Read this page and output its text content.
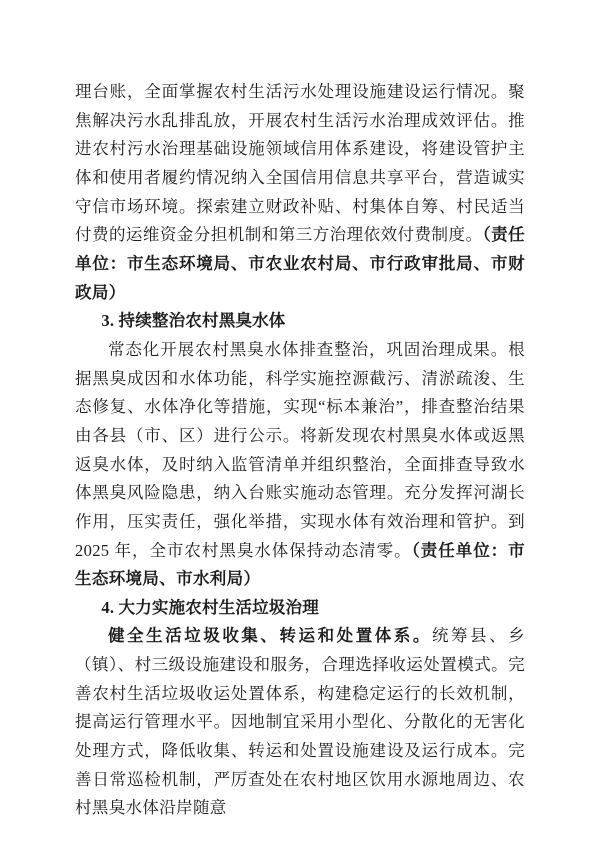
理台账，全面掌握农村生活污水处理设施建设运行情况。聚焦解决污水乱排乱放，开展农村生活污水治理成效评估。推进农村污水治理基础设施领域信用体系建设，将建设管护主体和使用者履约情况纳入全国信用信息共享平台，营造诚实守信市场环境。探索建立财政补贴、村集体自筹、村民适当付费的运维资金分担机制和第三方治理依效付费制度。（责任单位：市生态环境局、市农业农村局、市行政审批局、市财政局）

3. 持续整治农村黑臭水体

常态化开展农村黑臭水体排查整治，巩固治理成果。根据黑臭成因和水体功能，科学实施控源截污、清淤疏浚、生态修复、水体净化等措施，实现“标本兼治”，排查整治结果由各县（市、区）进行公示。将新发现农村黑臭水体或返黑返臭水体，及时纳入监管清单并组织整治，全面排查导致水体黑臭风险隐患，纳入台账实施动态管理。充分发挥河湖长作用，压实责任，强化举措，实现水体有效治理和管护。到 2025 年，全市农村黑臭水体保持动态清零。（责任单位：市生态环境局、市水利局）

4. 大力实施农村生活垃圾治理

健全生活垃圾收集、转运和处置体系。统筹县、乡（镇）、村三级设施建设和服务，合理选择收运处置模式。完善农村生活垃圾收运处置体系，构建稳定运行的长效机制，提高运行管理水平。因地制宜采用小型化、分散化的无害化处理方式，降低收集、转运和处置设施建设及运行成本。完善日常巡检机制，严厉查处在农村地区饮用水源地周边、农村黑臭水体沿岸随意
